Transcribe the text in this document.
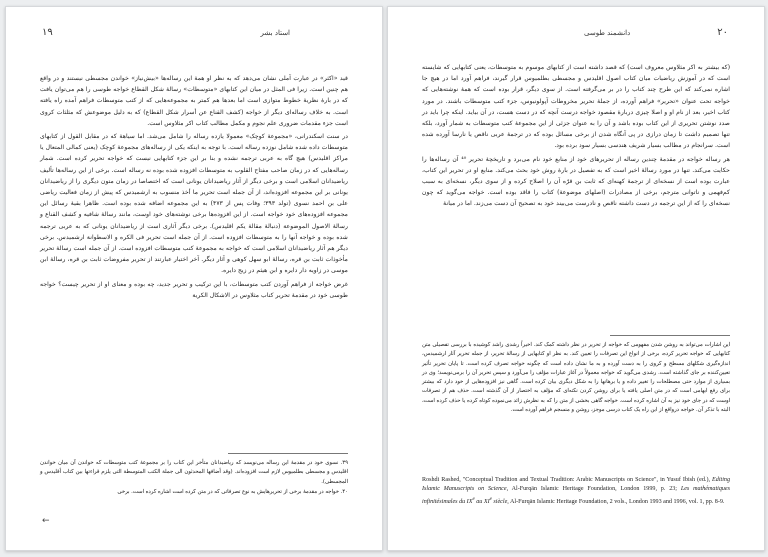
١٩	استاد بشر

قید «اکثر» در عبارت آملی نشان می‌دهد که به نظر او همهٔ این رساله‌ها «بیش‌نیاز» خواندن مجسطی نیستند و در واقع هم چنین است. زیرا فی المثل در میان این کتابهای «متوسطات» رسالهٔ شکل القطاع خواجه طوسی را هم می‌توان یافت که در بارهٔ نظریهٔ خطوط متوازی است اما بعدها هم کمتر به مجموعه‌هایی که از کتب متوسطات فراهم آمده راه یافته است. به خلاف رساله‌ای دیگر از خواجه (کشف القناع عن أسرار شکل القطاع) که به دلیل موضوعش که مثلثات کروی است جزء مقدمات ضروری علم نجوم و مکمل مطالب کتاب اکر مثلاوس است.

در سنت اسکندرانی، «مجموعهٔ کوچک» معمولا یازده رساله را شامل می‌شد. اما سیاههٔ که در مقابل القول از کتابهای متوسطات داده شده شامل نوزده رساله است. با توجه به اینکه یکی از رساله‌های مجموعهٔ کوچک (یعنی کمالی المتعال یا مراکز اقلیدس) هیچ گاه به عربی ترجمه نشده و بنا بر این جزء کتابهایی نیست که خواجه تحریر کرده است. شمار رساله‌هایی که در زمان صاحب مفتاح القلوب به متوسطات افزوده شده بوده نه رساله است. برخی از این رساله‌ها تألیف ریاضیدانان اسلامی است و برخی دیگر از آثار ریاضیدانان یونانی است که اختصاصا در زمان متون دیگری را از ریاضیدانان یونانی بر این مجموعه افزوده‌اند، از آن جمله است تحریر ما أخذ منسوب به ارشمیدس که پیش از زمان فعالیت ریاضی علی بن احمد نسوی (تولد ۳۹۳؛ وفات پس از ۴۷۳) به این مجموعه اضافه شده بوده است. ظاهرا بقیهٔ رسائل این مجموعه افزوده‌های خود خواجه است. از این افزوده‌ها برخی نوشته‌های خود اوست، مانند رسالهٔ شافیه و کشف القناع و رسالهٔ الاصول الموضوعة (دنبالهٔ مقالهٔ یکم اقلیدس). برخی دیگر آثاری است از ریاضیدانان یونانی که به عربی ترجمه شده بوده و خواجه آنها را به متوسطات افزوده است. از آن جمله است تحریر فی الکره و الاسطوانة ارشمیدس. برخی دیگر هم آثار ریاضیدانان اسلامی است که خواجه به مجموعهٔ کتب متوسطات افزوده است. از آن جمله است رسالهٔ تحریر مأخوذات ثابت بن قره، رسالهٔ ابو سهل کوهی و آثار دیگر. آخر اختیار عبارتند از تحریر مفروضات ثابت بن قره، رسالهٔ ابن موسی در زاویه دار دایره و ابن هیثم در زیج دایره.

غرض خواجه از فراهم آوردن کتب متوسطات، با این ترکیب و تحریر جدید، چه بوده و معنای او از تحریر چیست؟ خواجه طوسی خود در مقدمهٔ تحریر کتاب مثلاوس در الاشکال الکریة

۳۹. نسوی خود در مقدمهٔ این رساله می‌نویسد که ریاضیدانان متأخر این کتاب را بر مجموعهٔ کتب متوسطات که خواندن آن میان خواندن اقلیدس و مجسطی بطلمیوس لازم است افزوده‌اند. (وقد أضافها المحدثون الی جملة الکتب المتوسطة التی یلزم قراءتها بین کتاب أقلیدس و المجسطی).

۴۰. خواجه در مقدمهٔ برخی از تحریرهایش به نوع تصرفاتی که در متن کرده است اشاره کرده است. برخی

←
دانشمند طوسی	٢٠

(که بیشتر به اکر مثلاوس معروف است) که قصد داشته است از کتابهای موسوم به متوسطات، یعنی کتابهایی که شایسته است که در آموزش ریاضیات میان کتاب اصول اقلیدس و مجسطی بطلمیوس قرار گیرند، فراهم آورد اما در هیچ جا اشاره نمی‌کند که این طرح چند کتاب را در بر می‌گرفته است. از سوی دیگر، قرار بوده است که همهٔ نوشته‌هایی که خواجه تحت عنوان «تحریر» فراهم آورده، از جملهٔ تحریر مخروطات آپولونیوس، جزء کتب متوسطات باشند. در مورد کتاب اخیر، بعد از نام او و اصلا چیزی دربارهٔ مقصود خواجه درست آنچه که در دست هست، در آن بیاید. اینکه چرا باید در صدد نوشتن تحریری از این کتاب بوده باشد و آن را به عنوان جزئی از این مجموعهٔ کتب متوسطات به شمار آورد، بلکه تنها تصمیم داشت تا زمان درازی در پی آنگاه شدن از برخی مسائل بوده که در ترجمهٔ عربی ناقص یا نارسا آورده شده است. سرانجام در مطالب بسیار شریف هندسی بسیار سود برده بود.

هر رساله خواجه در مقدمهٔ چندین رساله از تحریرهای خود از منابع خود نام می‌برد و تاریخچهٔ تحریر ⁴⁰ آن رساله‌ها را حکایت می‌کند. تنها در مورد رسالهٔ اخیر است که به تفصیل در بارهٔ روش خود بحث می‌کند. منابع او در تحریر این کتاب، عبارت بوده است از نسخه‌ای از ترجمهٔ کهنه‌ای که ثابت بن قرّه آن را اصلاح کرده و از سوی دیگر، نسخه‌ای به سبب کم‌فهمی و ناتوانی مترجم، برخی از مصادرات (اصلهای موضوعهٔ) کتاب را فاقد بوده است. خواجه می‌گوید که چون نسخه‌ای را که از این ترجمه در دست داشته ناقص و نادرست می‌بیند خود به تصحیح آن دست می‌زند. اما در میانهٔ

این اشارات می‌تواند به روشن شدن مفهومی که خواجه از تحریر در نظر داشته کمک کند. اخیراً رشدی راشد کوشیده با بررسی تفصیلی متن کتابهایی که خواجه تحریر کرده، برخی از انواع این تصرفات را تعیین کند. به نظر او کتابهایی از رسالهٔ تحریر، از جمله تحریر آثار ارشمیدس، اندازه‌گیری شکلهای مسطح و کروی را به دست آورده و به ما نشان داده است که چگونه خواجه تصرف کرده است. تا پایان تحریر تأثیر تعیین‌کننده بر جای گذاشته است. رشدی می‌گوید که خواجه معمولاً در آغاز عبارات مؤلف را می‌آورد و سپس تحریر آن را برمی‌نویسد؛ وی در بسیاری از موارد حتی مصطلحات را تغییر داده و یا برهانها را به شکل دیگری بیان کرده است. گاهی نیز افزوده‌هایی از خود دارد که بیشتر برای رفع ابهامی است که در متن اصلی یافته یا برای روشن کردن نکته‌ای که مؤلف به اختصار از آن گذشته است. حذف هم از تصرفات اوست که در جای خود نیز به آن اشاره کرده است. خواجه گاهی بخشی از متن را که به نظرش زائد می‌نموده کوتاه کرده یا حذف کرده است، البته با تذکر آن. خواجه درواقع از این راه یک کتاب درسی موجز، روشن و منسجم فراهم آورده است.

Roshdi Rashed, "Conceptual Tradition and Textual Tradition: Arabic Manuscripts on Science", in Yusuf Ibish (ed.), Editing Islamic Manuscripts on Science, Al-Furqān Islamic Heritage Foundation, London 1999, p. 23; Les mathématiques infinitésimales du IXe au XIe siècle, Al-Furqān Islamic Heritage Foundation, 2 vols., London 1993 and 1996, vol. 1, pp. 8-9.
